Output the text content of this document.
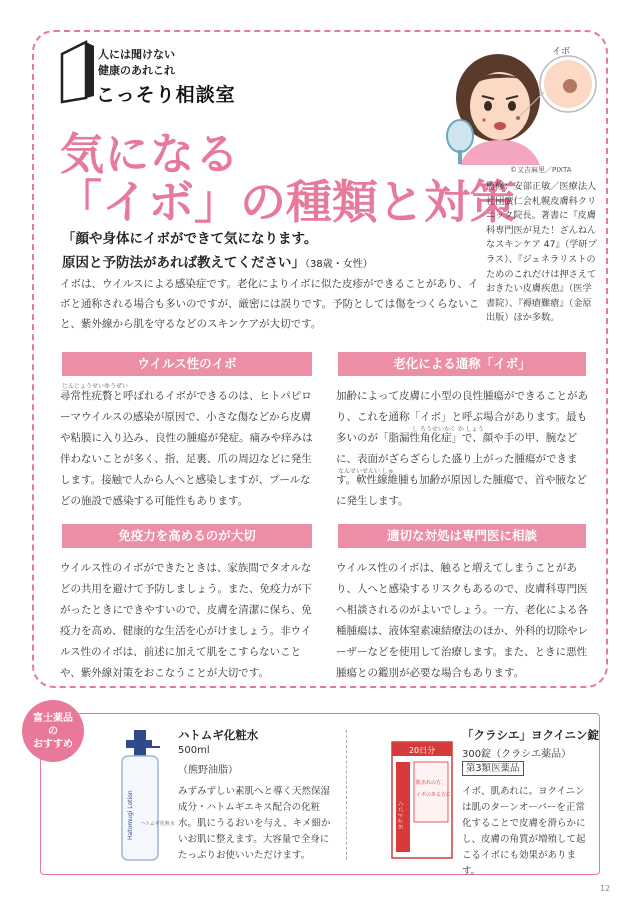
人には聞けない
健康のあれこれ
こっそり相談室
イボ
©又吉麻里／PIXTA
気になる
「イボ」の種類と対策
監修：安部正敏／医療法人社団廣仁会札幌皮膚科クリニック院長。著書に『皮膚科専門医が見た！ざんねんなスキンケア 47』（学研プラス）、『ジェネラリストのためのこれだけは押さえておきたい皮膚疾患』（医学書院）、『褥瘡難瘡』（金原出版）ほか多数。
「顔や身体にイボができて気になります。
原因と予防法があれば教えてください」（38歳・女性）
イボは、ウイルスによる感染症です。老化によりイボに似た皮疹ができることがあり、イボと通称される場合も多いのですが、厳密には誤りです。予防としては傷をつくらないこと、紫外線から肌を守るなどのスキンケアが大切です。
ウイルス性のイボ
じんじょうせいゆうぜい
尋常性疣贅と呼ばれるイボができるのは、ヒトパピローマウイルスの感染が原因で、小さな傷などから皮膚や粘膜に入り込み、良性の腫瘍が発症。痛みや痒みは伴わないことが多く、指、足裏、爪の周辺などに発生します。接触で人から人へと感染しますが、プールなどの施設で感染する可能性もあります。
老化による通称「イボ」
し ろうせいかく か しょう
なんせいせんい しゅ
加齢によって皮膚に小型の良性腫瘍ができることがあり、これを通称「イボ」と呼ぶ場合があります。最も多いのが「脂漏性角化症」で、顔や手の甲、腕などに、表面がざらざらした盛り上がった腫瘍ができます。軟性線維腫も加齢が原因した腫瘍で、首や腋などに発生します。
免疫力を高めるのが大切
ウイルス性のイボができたときは、家族間でタオルなどの共用を避けて予防しましょう。また、免疫力が下がったときにできやすいので、皮膚を清潔に保ち、免疫力を高め、健康的な生活を心がけましょう。非ウイルス性のイボは、前述に加えて肌をこすらないことや、紫外線対策をおこなうことが大切です。
適切な対処は専門医に相談
ウイルス性のイボは、触ると増えてしまうことがあり、人へと感染するリスクもあるので、皮膚科専門医へ相談されるのがよいでしょう。一方、老化による各種腫瘍は、液体窒素凍結療法のほか、外科的切除やレーザーなどを使用して治療します。また、ときに悪性腫瘍との鑑別が必要な場合もあります。
富士薬品
の
おすすめ
Hatomugi Lotion ハトムギ化粧水
ハトムギ化粧水
500ml
（熊野油脂）
みずみずしい素肌へと導く天然保湿成分・ハトムギエキス配合の化粧水。肌にうるおいを与え、キメ細かいお肌に整えます。大容量で全身にたっぷりお使いいただけます。
20日分
ヨクイニン
肌あれの方、
イボのある方に
「クラシエ」ヨクイニン錠
300錠（クラシエ薬品）
第3類医薬品
イボ、肌あれに。ヨクイニンは肌のターンオーバーを正常化することで皮膚を滑らかにし、皮膚の角質が増殖して起こるイボにも効果があります。
12
